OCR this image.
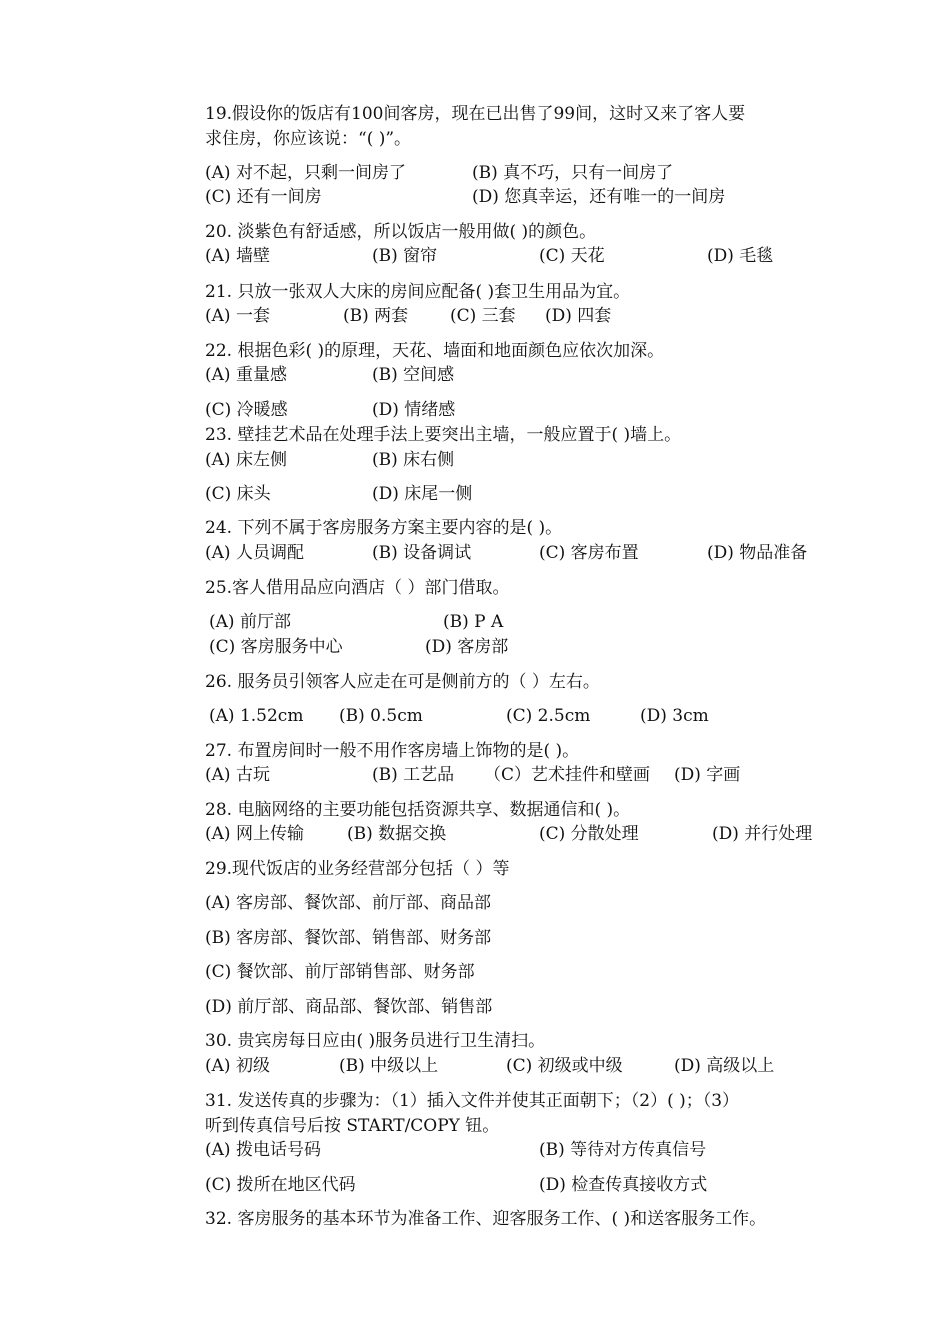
19.假设你的饭店有100间客房，现在已出售了99间，这时又来了客人要
求住房，你应该说：“( )”。
(A) 对不起，只剩一间房了	(B) 真不巧，只有一间房了
(C) 还有一间房	(D) 您真幸运，还有唯一的一间房
20. 淡紫色有舒适感，所以饭店一般用做( )的颜色。
(A) 墙壁	(B) 窗帘	(C) 天花	(D) 毛毯
21. 只放一张双人大床的房间应配备( )套卫生用品为宜。
(A) 一套	(B) 两套 (C) 三套 (D) 四套
22. 根据色彩( )的原理，天花、墙面和地面颜色应依次加深。
(A) 重量感	(B) 空间感
(C) 冷暖感	(D) 情绪感
23. 壁挂艺术品在处理手法上要突出主墙，一般应置于( )墙上。
(A) 床左侧	(B) 床右侧
(C) 床头	(D) 床尾一侧
24. 下列不属于客房服务方案主要内容的是( )。
(A) 人员调配	(B) 设备调试	(C) 客房布置	(D) 物品准备
25.客人借用品应向酒店（ ）部门借取。
(A) 前厅部	(B) P A
(C) 客房服务中心	(D) 客房部
26. 服务员引领客人应走在可是侧前方的（ ）左右。
(A) 1.52cm (B) 0.5cm	(C) 2.5cm	(D) 3cm
27. 布置房间时一般不用作客房墙上饰物的是( )。
(A) 古玩	(B) 工艺品 （C）艺术挂件和壁画 (D) 字画
28. 电脑网络的主要功能包括资源共享、数据通信和( )。
(A) 网上传输	(B) 数据交换	(C) 分散处理	(D) 并行处理
29.现代饭店的业务经营部分包括（ ）等
(A) 客房部、餐饮部、前厅部、商品部
(B) 客房部、餐饮部、销售部、财务部
(C) 餐饮部、前厅部销售部、财务部
(D) 前厅部、商品部、餐饮部、销售部
30. 贵宾房每日应由( )服务员进行卫生清扫。
(A) 初级	(B) 中级以上	(C) 初级或中级	(D) 高级以上
31. 发送传真的步骤为：（1）插入文件并使其正面朝下；（2）( )；（3）
听到传真信号后按 START/COPY 钮。
(A) 拨电话号码	(B) 等待对方传真信号
(C) 拨所在地区代码	(D) 检查传真接收方式
32. 客房服务的基本环节为准备工作、迎客服务工作、( )和送客服务工作。
